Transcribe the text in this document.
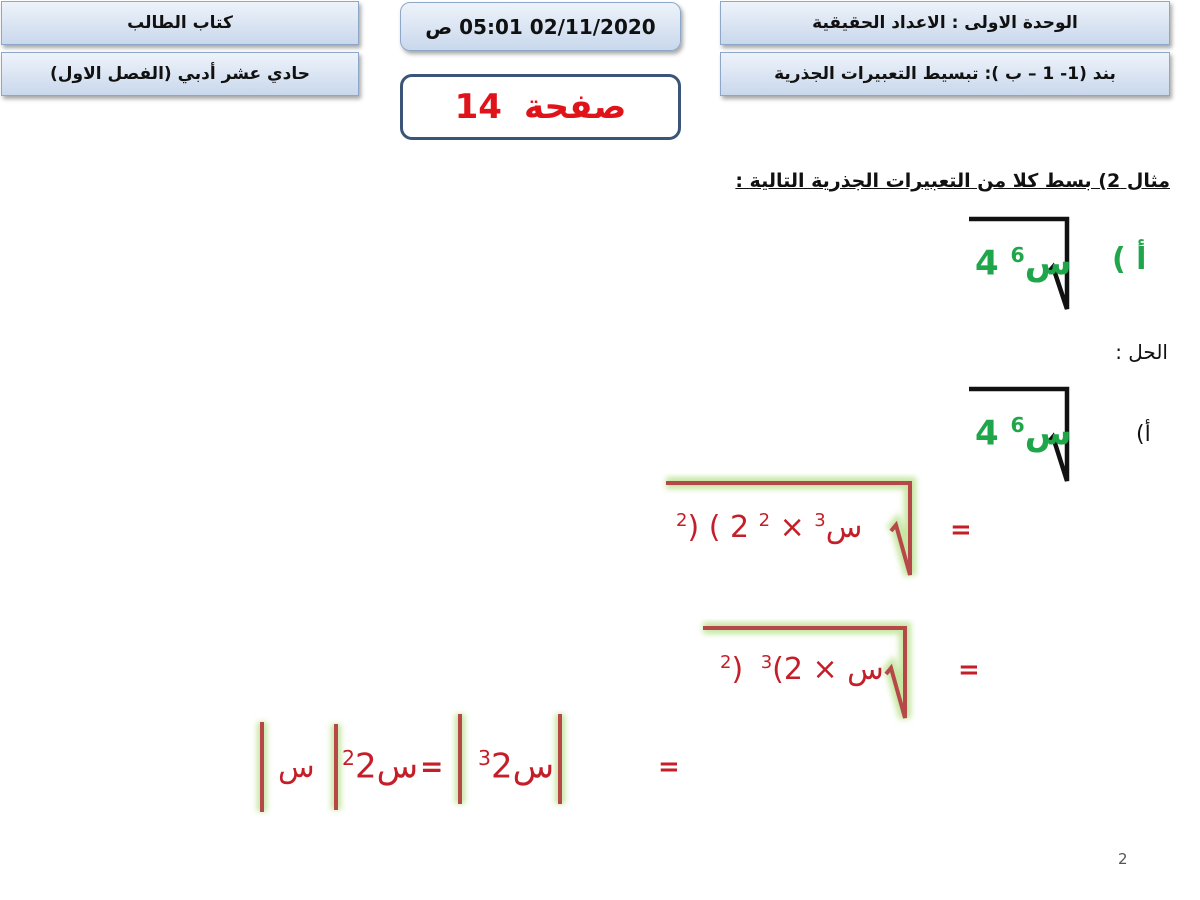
الوحدة الاولى : الاعداد الحقيقية
بند (1- 1 – ب ): تبسيط التعبيرات الجذرية
كتاب الطالب
حادي عشر أدبي (الفصل الاول)
02/11/2020 05:01 ص
صفحة
14
مثال 2) بسط كلا من التعبيرات الجذرية التالية :
أ )
س$^6$ 4
الحل :
أ)
س$^6$ 4
=
$^2$) ( س$^3$ × $^2$ 2
=
$^2$) $^3$(2 × س
=
س$^3$2
=
$^2$ س2
س
2
